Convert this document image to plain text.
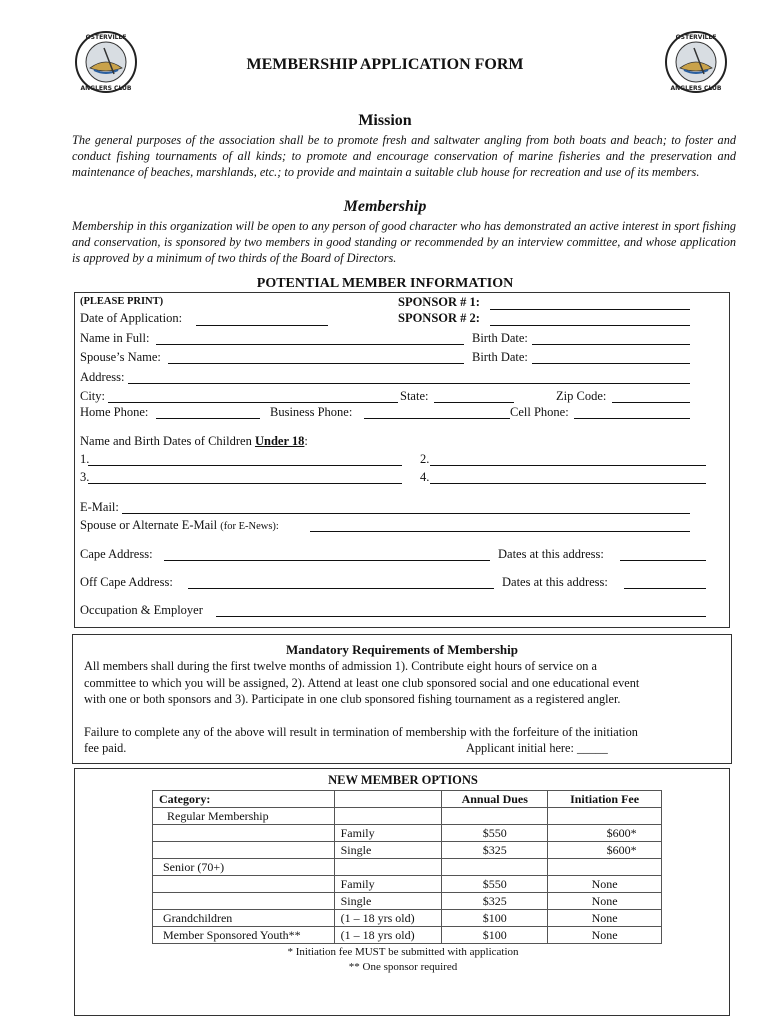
OSTERVILLE
ANGLERS CLUB
OSTERVILLE
ANGLERS CLUB
MEMBERSHIP APPLICATION FORM
Mission
The general purposes of the association shall be to promote fresh and saltwater angling from both boats and beach; to foster and conduct fishing tournaments of all kinds; to promote and encourage conservation of marine fisheries and the preservation and maintenance of beaches, marshlands, etc.; to provide and maintain a suitable club house for recreation and use of its members.
Membership
Membership in this organization will be open to any person of good character who has demonstrated an active interest in sport fishing and conservation, is sponsored by two members in good standing or recommended by an interview committee, and whose application is approved by a minimum of two thirds of the Board of Directors.
POTENTIAL MEMBER INFORMATION
(PLEASE PRINT)	SPONSOR # 1:
Date of Application:	SPONSOR # 2:
Name in Full:	Birth Date:
Spouse’s Name:	Birth Date:
Address:
City:	State:	Zip Code:
Home Phone:	Business Phone:	Cell Phone:
Name and Birth Dates of Children Under 18:
1.	2.
3.	4.
E-Mail:
Spouse or Alternate E-Mail (for E-News):
Cape Address:	Dates at this address:
Off Cape Address:	Dates at this address:
Occupation & Employer
Mandatory Requirements of Membership
All members shall during the first twelve months of admission 1). Contribute eight hours of service on a
committee to which you will be assigned, 2). Attend at least one club sponsored social and one educational event
with one or both sponsors and 3). Participate in one club sponsored fishing tournament as a registered angler.
Failure to complete any of the above will result in termination of membership with the forfeiture of the initiation
fee paid.	Applicant initial here: _____
NEW MEMBER OPTIONS
Category:		Annual Dues	Initiation Fee
Regular Membership			
	Family	$550	$600*
	Single	$325	$600*
Senior (70+)			
	Family	$550	None
	Single	$325	None
Grandchildren	(1 – 18 yrs old)	$100	None
Member Sponsored Youth**	(1 – 18 yrs old)	$100	None
* Initiation fee MUST be submitted with application
** One sponsor required
